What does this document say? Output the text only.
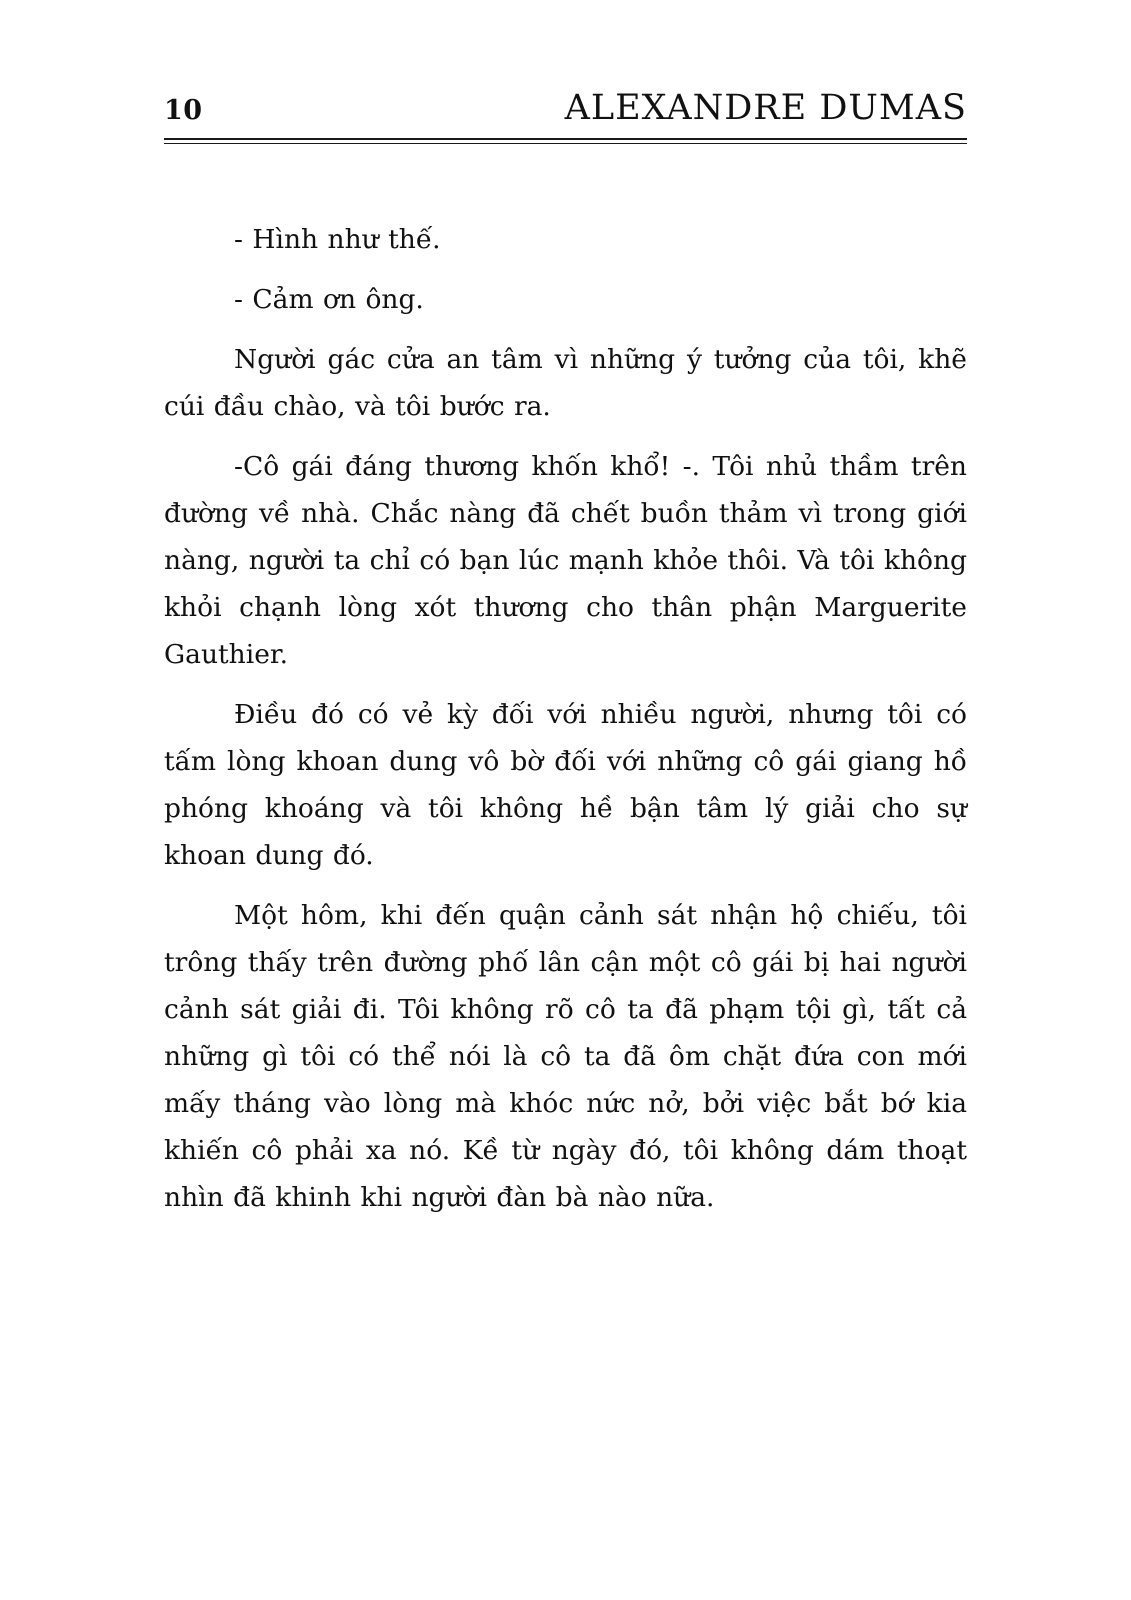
10	ALEXANDRE DUMAS

- Hình như thế.

- Cảm ơn ông.

Người gác cửa an tâm vì những ý tưởng của tôi, khẽ cúi đầu chào, và tôi bước ra.

-Cô gái đáng thương khốn khổ! -. Tôi nhủ thầm trên đường về nhà. Chắc nàng đã chết buồn thảm vì trong giới nàng, người ta chỉ có bạn lúc mạnh khỏe thôi. Và tôi không khỏi chạnh lòng xót thương cho thân phận Marguerite Gauthier.

Điều đó có vẻ kỳ đối với nhiều người, nhưng tôi có tấm lòng khoan dung vô bờ đối với những cô gái giang hồ phóng khoáng và tôi không hề bận tâm lý giải cho sự khoan dung đó.

Một hôm, khi đến quận cảnh sát nhận hộ chiếu, tôi trông thấy trên đường phố lân cận một cô gái bị hai người cảnh sát giải đi. Tôi không rõ cô ta đã phạm tội gì, tất cả những gì tôi có thể nói là cô ta đã ôm chặt đứa con mới mấy tháng vào lòng mà khóc nức nở, bởi việc bắt bớ kia khiến cô phải xa nó. Kề từ ngày đó, tôi không dám thoạt nhìn đã khinh khi người đàn bà nào nữa.
